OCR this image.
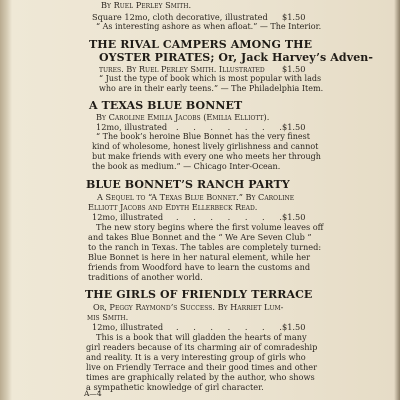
By Ruel Perley Smith.

Square 12mo, cloth decorative, illustrated $1.50

“ As interesting ashore as when afloat.” — The Interior.

THE RIVAL CAMPERS AMONG THE

OYSTER PIRATES; Or, Jack Harvey’s Adven-

tures. By Ruel Perley Smith. Illustrated $1.50

“ Just the type of book which is most popular with lads

who are in their early teens.” — The Philadelphia Item.

A TEXAS BLUE BONNET

By Caroline Emilia Jacobs (Emilia Elliott).

12mo, illustrated . . . . . . .
$1.50

“ The book’s heroine Blue Bonnet has the very finest

kind of wholesome, honest lively girlishness and cannot

but make friends with every one who meets her through

the book as medium.” — Chicago Inter-Ocean.

BLUE BONNET’S RANCH PARTY

A Sequel to “A Texas Blue Bonnet.” By Caroline

Elliott Jacobs and Edyth Ellerbeck Read.

12mo, illustrated . . . . . . .
$1.50

The new story begins where the first volume leaves off

and takes Blue Bonnet and the “ We Are Seven Club ”

to the ranch in Texas. The tables are completely turned:

Blue Bonnet is here in her natural element, while her

friends from Woodford have to learn the customs and

traditions of another world.

THE GIRLS OF FRIENDLY TERRACE

Or, Peggy Raymond’s Success. By Harriet Lum-

mis Smith.

12mo, illustrated . . . . . . .
$1.50

This is a book that will gladden the hearts of many

girl readers because of its charming air of comradeship

and reality. It is a very interesting group of girls who

live on Friendly Terrace and their good times and other

times are graphically related by the author, who shows

a sympathetic knowledge of girl character.

A—4
